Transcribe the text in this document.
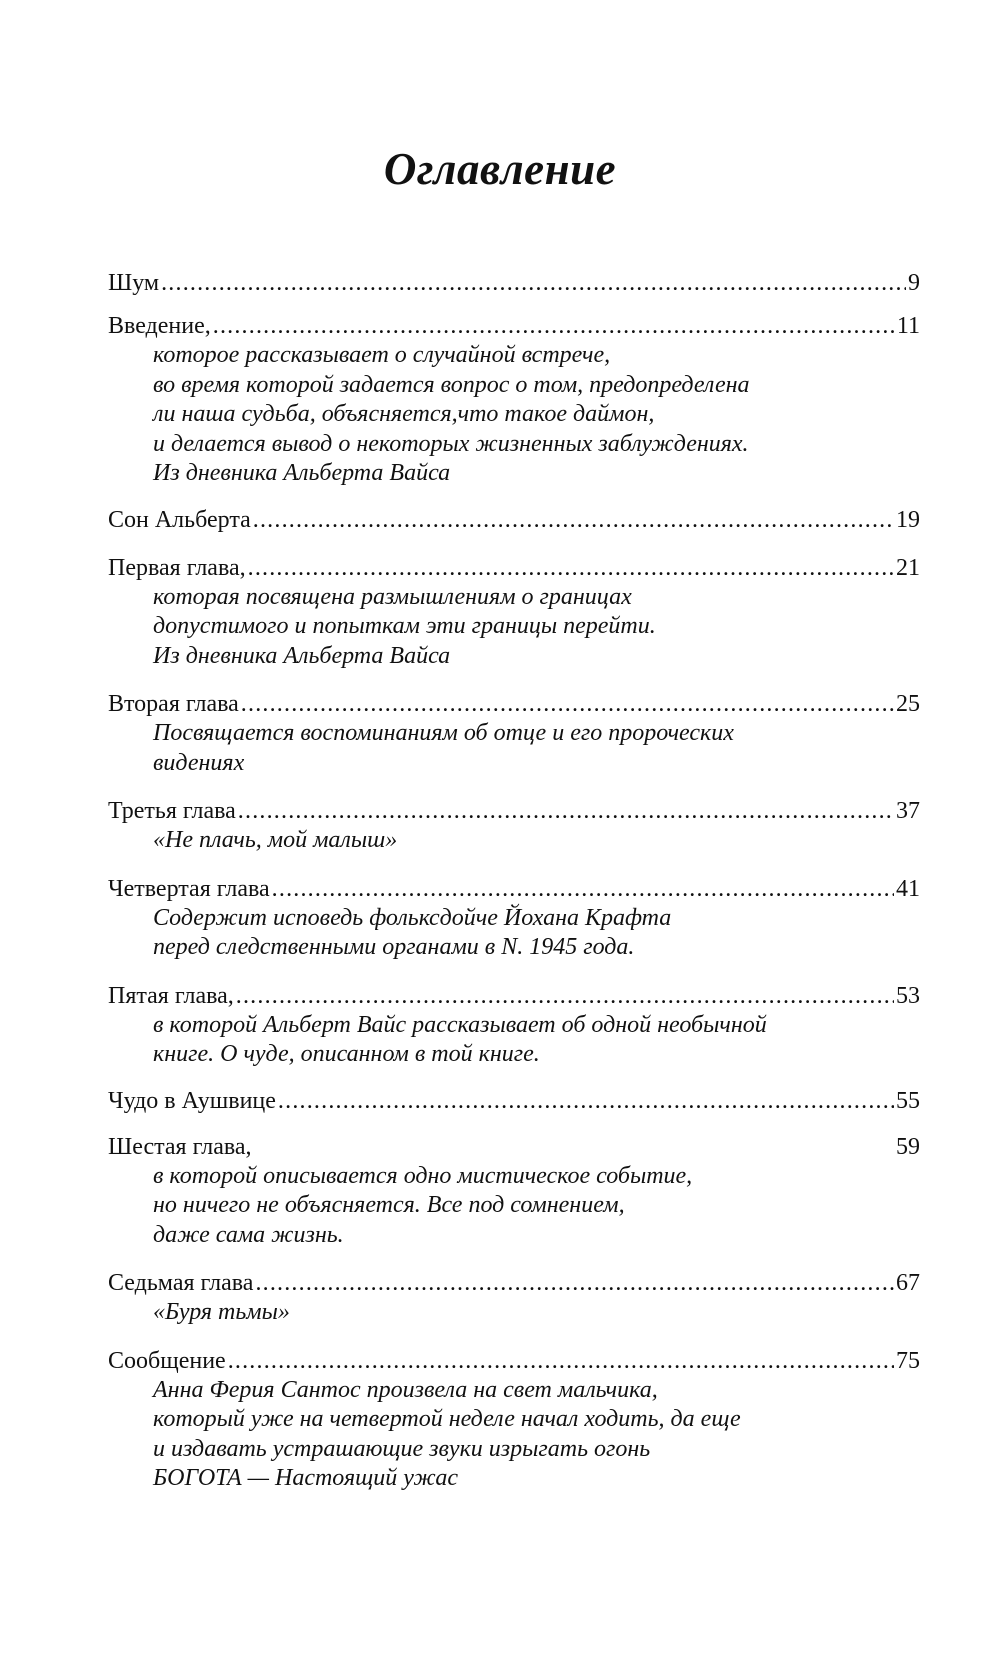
Оглавление
Шум .....	9
Введение, .....	11
которое рассказывает о случайной встрече,
во время которой задается вопрос о том, предопределена
ли наша судьба, объясняется,что такое даймон,
и делается вывод о некоторых жизненных заблуждениях.
Из дневника Альберта Вайса
Сон Альберта .....	19
Первая глава, .....	21
которая посвящена размышлениям о границах
допустимого и попыткам эти границы перейти.
Из дневника Альберта Вайса
Вторая глава .....	25
Посвящается воспоминаниям об отце и его пророческих
видениях
Третья глава .....	37
«Не плачь, мой малыш»
Четвертая глава .....	41
Содержит исповедь фольксдойче Йохана Крафта
перед следственными органами в N. 1945 года.
Пятая глава, .....	53
в которой Альберт Вайс рассказывает об одной необычной
книге. О чуде, описанном в той книге.
Чудо в Аушвице .....	55
Шестая глава,	59
в которой описывается одно мистическое событие,
но ничего не объясняется. Все под сомнением,
даже сама жизнь.
Седьмая глава .....	67
«Буря тьмы»
Сообщение .....	75
Анна Ферия Сантос произвела на свет мальчика,
который уже на четвертой неделе начал ходить, да еще
и издавать устрашающие звуки изрыгать огонь
БОГОТА — Настоящий ужас
